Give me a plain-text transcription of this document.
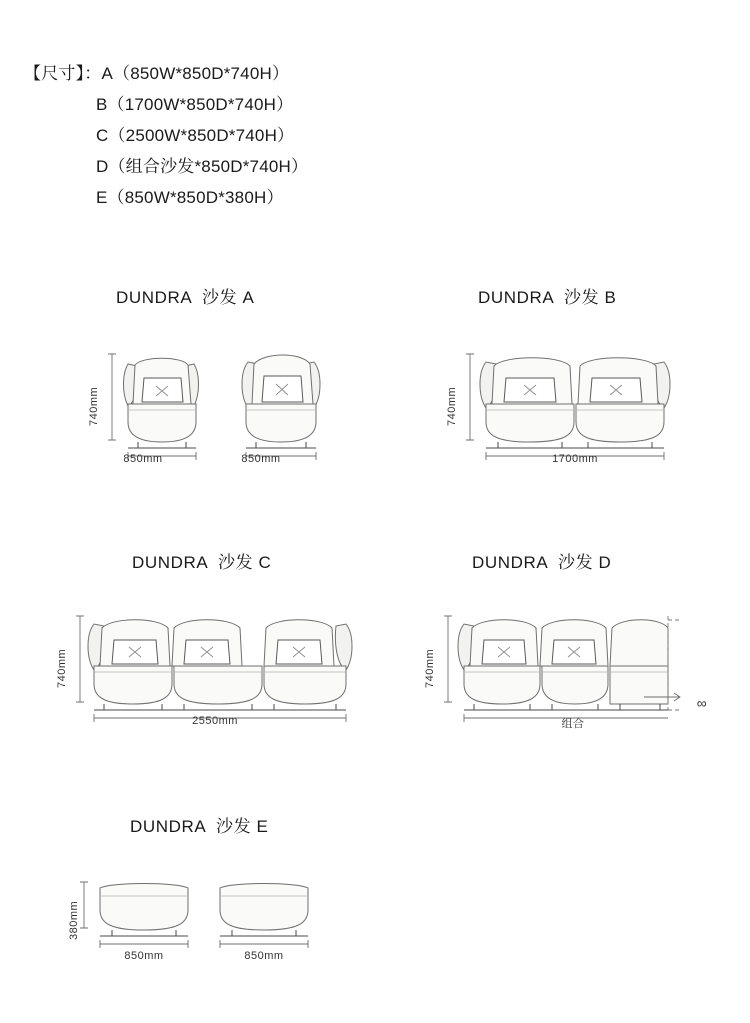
【尺寸】：A（850W*850D*740H）
B（1700W*850D*740H）
C（2500W*850D*740H）
D（组合沙发*850D*740H）
E（850W*850D*380H）
DUNDRA  沙发 A	DUNDRA  沙发 B
DUNDRA  沙发 C	DUNDRA  沙发 D
DUNDRA  沙发 E
740mm
850mm	850mm
740mm
1700mm
740mm
2550mm
740mm
组合
∞
380mm
850mm	850mm
